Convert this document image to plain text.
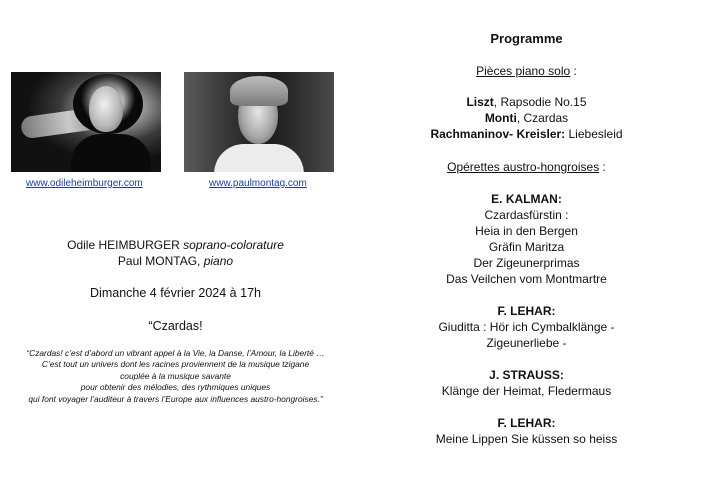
www.odileheimburger.com	www.paulmontag.com
Odile HEIMBURGER soprano-colorature
Paul MONTAG, piano
Dimanche 4 février 2024 à 17h
“Czardas!
“Czardas! c’est d’abord un vibrant appel à la Vie, la Danse, l’Amour, la Liberté …
C’est tout un univers dont les racines proviennent de la musique tzigane
couplée à la musique savante
pour obtenir des mélodies, des rythmiques uniques
qui font voyager l’auditeur à travers l’Europe aux influences austro-hongroises.”
Programme
Pièces piano solo :
Liszt, Rapsodie No.15
Monti, Czardas
Rachmaninov- Kreisler: Liebesleid
Opérettes austro-hongroises :
E. KALMAN:
Czardasfürstin :
Heia in den Bergen
Gräfin Maritza
Der Zigeunerprimas
Das Veilchen vom Montmartre
F. LEHAR:
Giuditta : Hör ich Cymbalklänge -
Zigeunerliebe -
J. STRAUSS:
Klänge der Heimat, Fledermaus
F. LEHAR:
Meine Lippen Sie küssen so heiss
